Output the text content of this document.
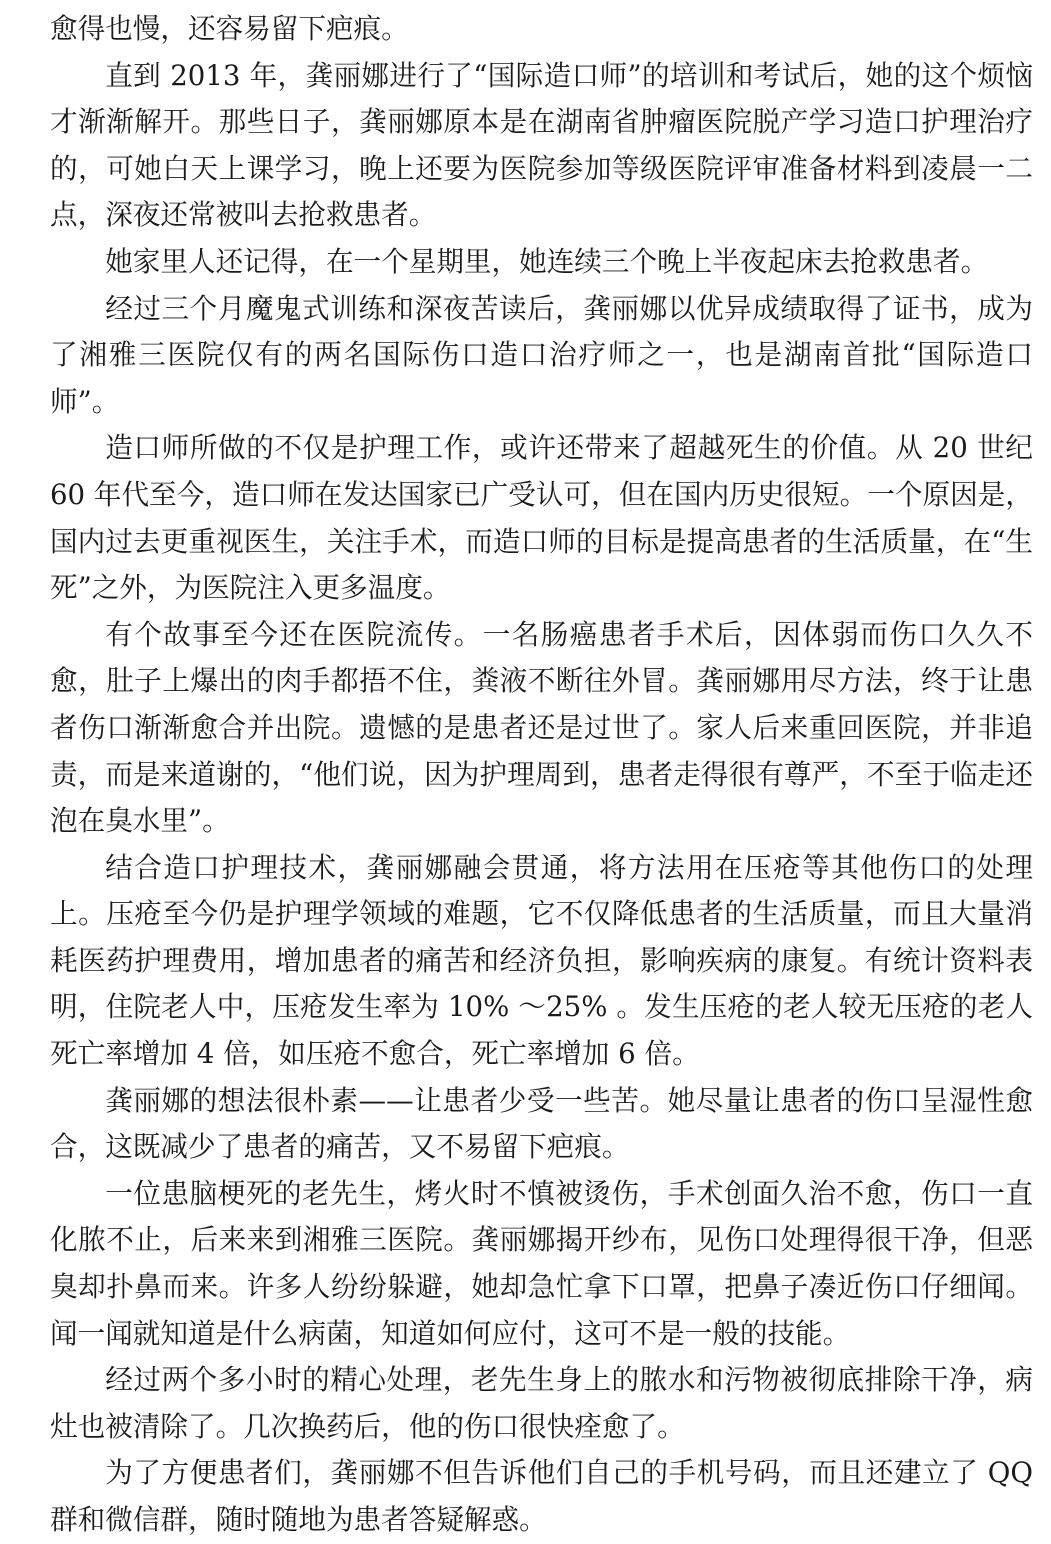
愈得也慢，还容易留下疤痕。

直到 2013 年，龚丽娜进行了“国际造口师”的培训和考试后，她的这个烦恼才渐渐解开。那些日子，龚丽娜原本是在湖南省肿瘤医院脱产学习造口护理治疗的，可她白天上课学习，晚上还要为医院参加等级医院评审准备材料到凌晨一二点，深夜还常被叫去抢救患者。

她家里人还记得，在一个星期里，她连续三个晚上半夜起床去抢救患者。

经过三个月魔鬼式训练和深夜苦读后，龚丽娜以优异成绩取得了证书，成为了湘雅三医院仅有的两名国际伤口造口治疗师之一，也是湖南首批“国际造口师”。

造口师所做的不仅是护理工作，或许还带来了超越死生的价值。从 20 世纪 60 年代至今，造口师在发达国家已广受认可，但在国内历史很短。一个原因是，国内过去更重视医生，关注手术，而造口师的目标是提高患者的生活质量，在“生死”之外，为医院注入更多温度。

有个故事至今还在医院流传。一名肠癌患者手术后，因体弱而伤口久久不愈，肚子上爆出的肉手都捂不住，粪液不断往外冒。龚丽娜用尽方法，终于让患者伤口渐渐愈合并出院。遗憾的是患者还是过世了。家人后来重回医院，并非追责，而是来道谢的，“他们说，因为护理周到，患者走得很有尊严，不至于临走还泡在臭水里”。

结合造口护理技术，龚丽娜融会贯通，将方法用在压疮等其他伤口的处理上。压疮至今仍是护理学领域的难题，它不仅降低患者的生活质量，而且大量消耗医药护理费用，增加患者的痛苦和经济负担，影响疾病的康复。有统计资料表明，住院老人中，压疮发生率为 10% ～25% 。发生压疮的老人较无压疮的老人死亡率增加 4 倍，如压疮不愈合，死亡率增加 6 倍。

龚丽娜的想法很朴素——让患者少受一些苦。她尽量让患者的伤口呈湿性愈合，这既减少了患者的痛苦，又不易留下疤痕。

一位患脑梗死的老先生，烤火时不慎被烫伤，手术创面久治不愈，伤口一直化脓不止，后来来到湘雅三医院。龚丽娜揭开纱布，见伤口处理得很干净，但恶臭却扑鼻而来。许多人纷纷躲避，她却急忙拿下口罩，把鼻子凑近伤口仔细闻。闻一闻就知道是什么病菌，知道如何应付，这可不是一般的技能。

经过两个多小时的精心处理，老先生身上的脓水和污物被彻底排除干净，病灶也被清除了。几次换药后，他的伤口很快痊愈了。

为了方便患者们，龚丽娜不但告诉他们自己的手机号码，而且还建立了 QQ 群和微信群，随时随地为患者答疑解惑。
